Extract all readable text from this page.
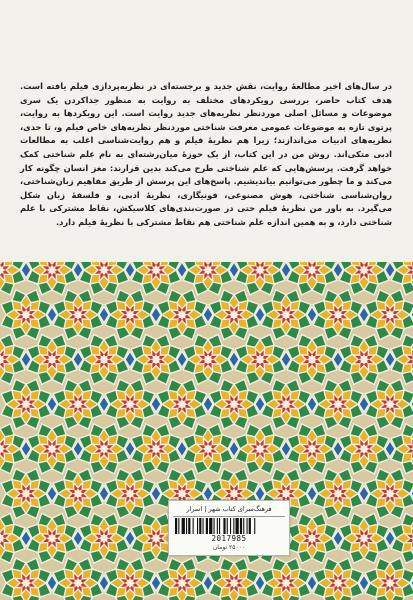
در سال‌های اخیر مطالعهٔ روایت، نقش جدید و برجسته‌ای در نظریه‌پردازی فیلم یافته است. هدف کتاب حاضر، بررسی رویکردهای مختلف به روایت به منظور جداکردن یک سری موضوعات و مسائل اصلی موردنظر نظریه‌های جدید روایت است. این رویکردها به روایت، پرتوی تازه به موضوعات عمومی معرفت شناختی موردنظر نظریه‌های خاص فیلم و، تا حدی، نظریه‌های ادبیات می‌اندازند؛ زیرا هم نظریهٔ فیلم و هم روایت‌شناسی اغلب به مطالعات ادبی متکی‌اند. روش من در این کتاب، از یک حوزهٔ میان‌رشته‌ای به نام علم شناختی کمک خواهد گرفت. پرسش‌هایی که علم شناختی طرح می‌کند بدین قرارند: مغز انسان چگونه کار می‌کند و ما چطور می‌توانیم بیاندیشیم. پاسخ‌های این پرسش از طریق مفاهیم زبان‌شناختی، روان‌شناسی شناختی، هوش مصنوعی، فونیگاری، نظریهٔ ادبی، و فلسفهٔ زبان شکل می‌گیرد. به باور من نظریهٔ فیلم حتی در صورت‌بندی‌های کلاسیکش، نقاط مشترکی با علم شناختی دارد، و به همین اندازه علم شناختی هم نقاط مشترکی با نظریهٔ فیلم دارد.

فرهنگ‌سرای کتاب شهر | اسرار
2017985
۲۵۰۰۰ تومان
